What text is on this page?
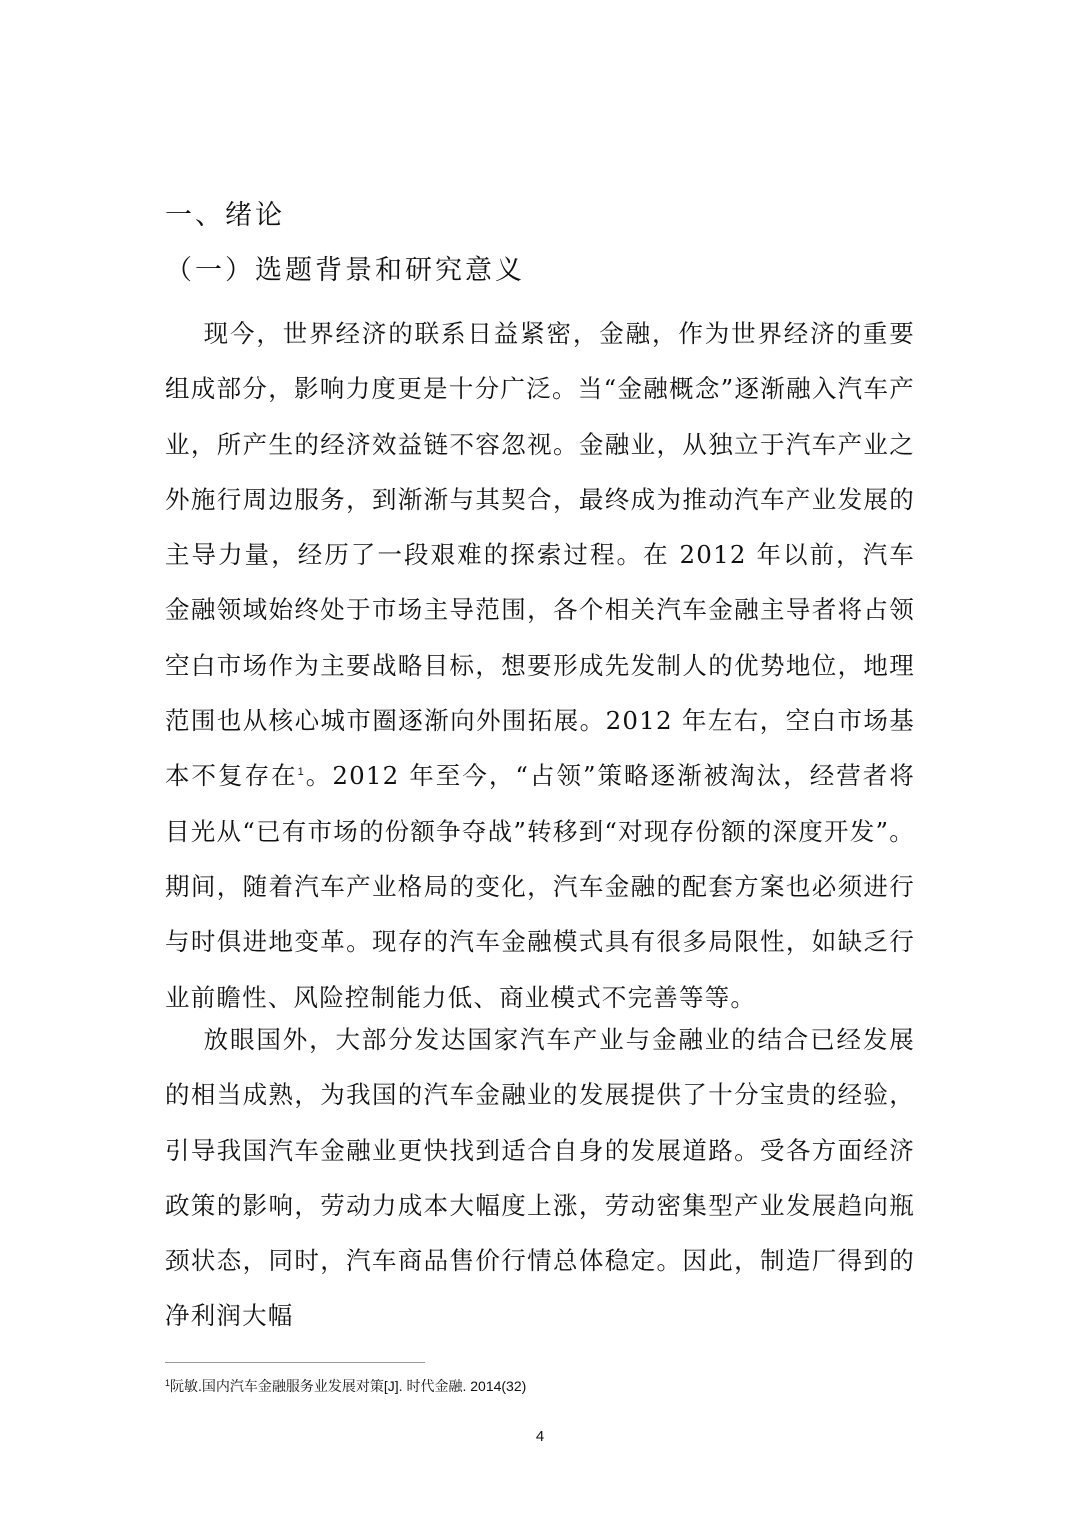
一、绪论
（一）选题背景和研究意义

现今，世界经济的联系日益紧密，金融，作为世界经济的重要组成部分，影响力度更是十分广泛。当“金融概念”逐渐融入汽车产业，所产生的经济效益链不容忽视。金融业，从独立于汽车产业之外施行周边服务，到渐渐与其契合，最终成为推动汽车产业发展的主导力量，经历了一段艰难的探索过程。在 2012 年以前，汽车金融领域始终处于市场主导范围，各个相关汽车金融主导者将占领空白市场作为主要战略目标，想要形成先发制人的优势地位，地理范围也从核心城市圈逐渐向外围拓展。2012 年左右，空白市场基本不复存在$^1$。2012 年至今，“占领”策略逐渐被淘汰，经营者将目光从“已有市场的份额争夺战”转移到“对现存份额的深度开发”。期间，随着汽车产业格局的变化，汽车金融的配套方案也必须进行与时俱进地变革。现存的汽车金融模式具有很多局限性，如缺乏行业前瞻性、风险控制能力低、商业模式不完善等等。

放眼国外，大部分发达国家汽车产业与金融业的结合已经发展的相当成熟，为我国的汽车金融业的发展提供了十分宝贵的经验，引导我国汽车金融业更快找到适合自身的发展道路。受各方面经济政策的影响，劳动力成本大幅度上涨，劳动密集型产业发展趋向瓶颈状态，同时，汽车商品售价行情总体稳定。因此，制造厂得到的净利润大幅

$^1$阮敏.国内汽车金融服务业发展对策[J]. 时代金融. 2014(32)
4
